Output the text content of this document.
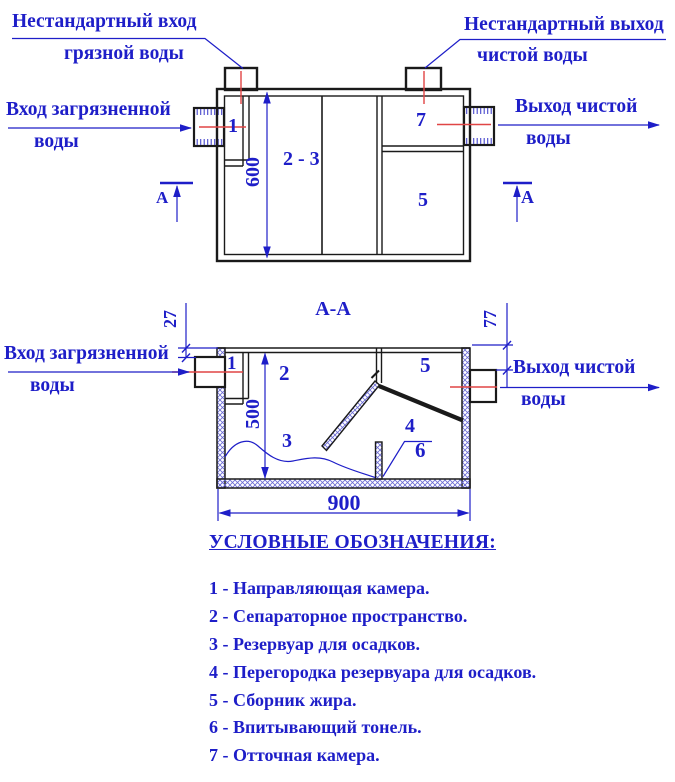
Нестандартный вход
грязной воды
Нестандартный выход
чистой воды
Вход загрязненной
воды
Выход чистой
воды
1
2 - 3
7
5
600
А	А
А-А
27	77
Вход загрязненной
воды
Выход чистой
воды
1 2
500
3
5
4
6
900
УСЛОВНЫЕ ОБОЗНАЧЕНИЯ:
1 - Направляющая камера.
2 - Сепараторное пространство.
3 - Резервуар для осадков.
4 - Перегородка резервуара для осадков.
5 - Сборник жира.
6 - Впитывающий тонель.
7 - Отточная камера.
